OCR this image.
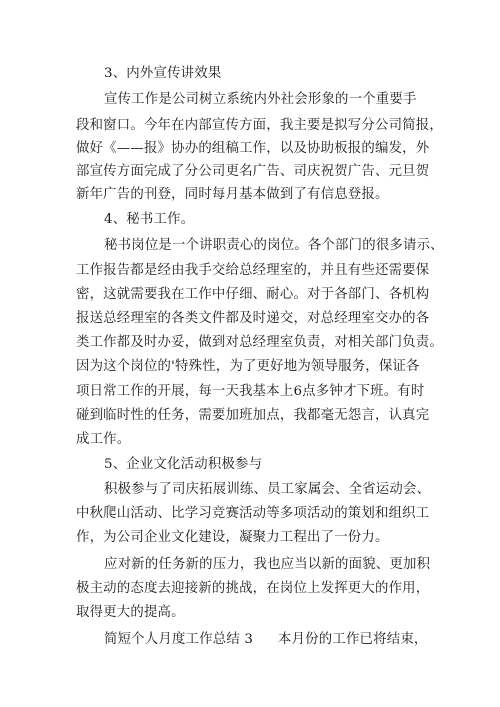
3、内外宣传讲效果
宣传工作是公司树立系统内外社会形象的一个重要手
段和窗口。今年在内部宣传方面，我主要是拟写分公司简报，
做好《——报》协办的组稿工作，以及协助板报的编发，外
部宣传方面完成了分公司更名广告、司庆祝贺广告、元旦贺
新年广告的刊登，同时每月基本做到了有信息登报。
4、秘书工作。
秘书岗位是一个讲职责心的岗位。各个部门的很多请示、
工作报告都是经由我手交给总经理室的，并且有些还需要保
密，这就需要我在工作中仔细、耐心。对于各部门、各机构
报送总经理室的各类文件都及时递交，对总经理室交办的各
类工作都及时办妥，做到对总经理室负责，对相关部门负责。
因为这个岗位的'特殊性，为了更好地为领导服务，保证各
项日常工作的开展，每一天我基本上6点多钟才下班。有时
碰到临时性的任务，需要加班加点，我都毫无怨言，认真完
成工作。
5、企业文化活动积极参与
积极参与了司庆拓展训练、员工家属会、全省运动会、
中秋爬山活动、比学习竞赛活动等多项活动的策划和组织工
作，为公司企业文化建设，凝聚力工程出了一份力。
应对新的任务新的压力，我也应当以新的面貌、更加积
极主动的态度去迎接新的挑战，在岗位上发挥更大的作用，
取得更大的提高。
简短个人月度工作总结 3 本月份的工作已将结束，
